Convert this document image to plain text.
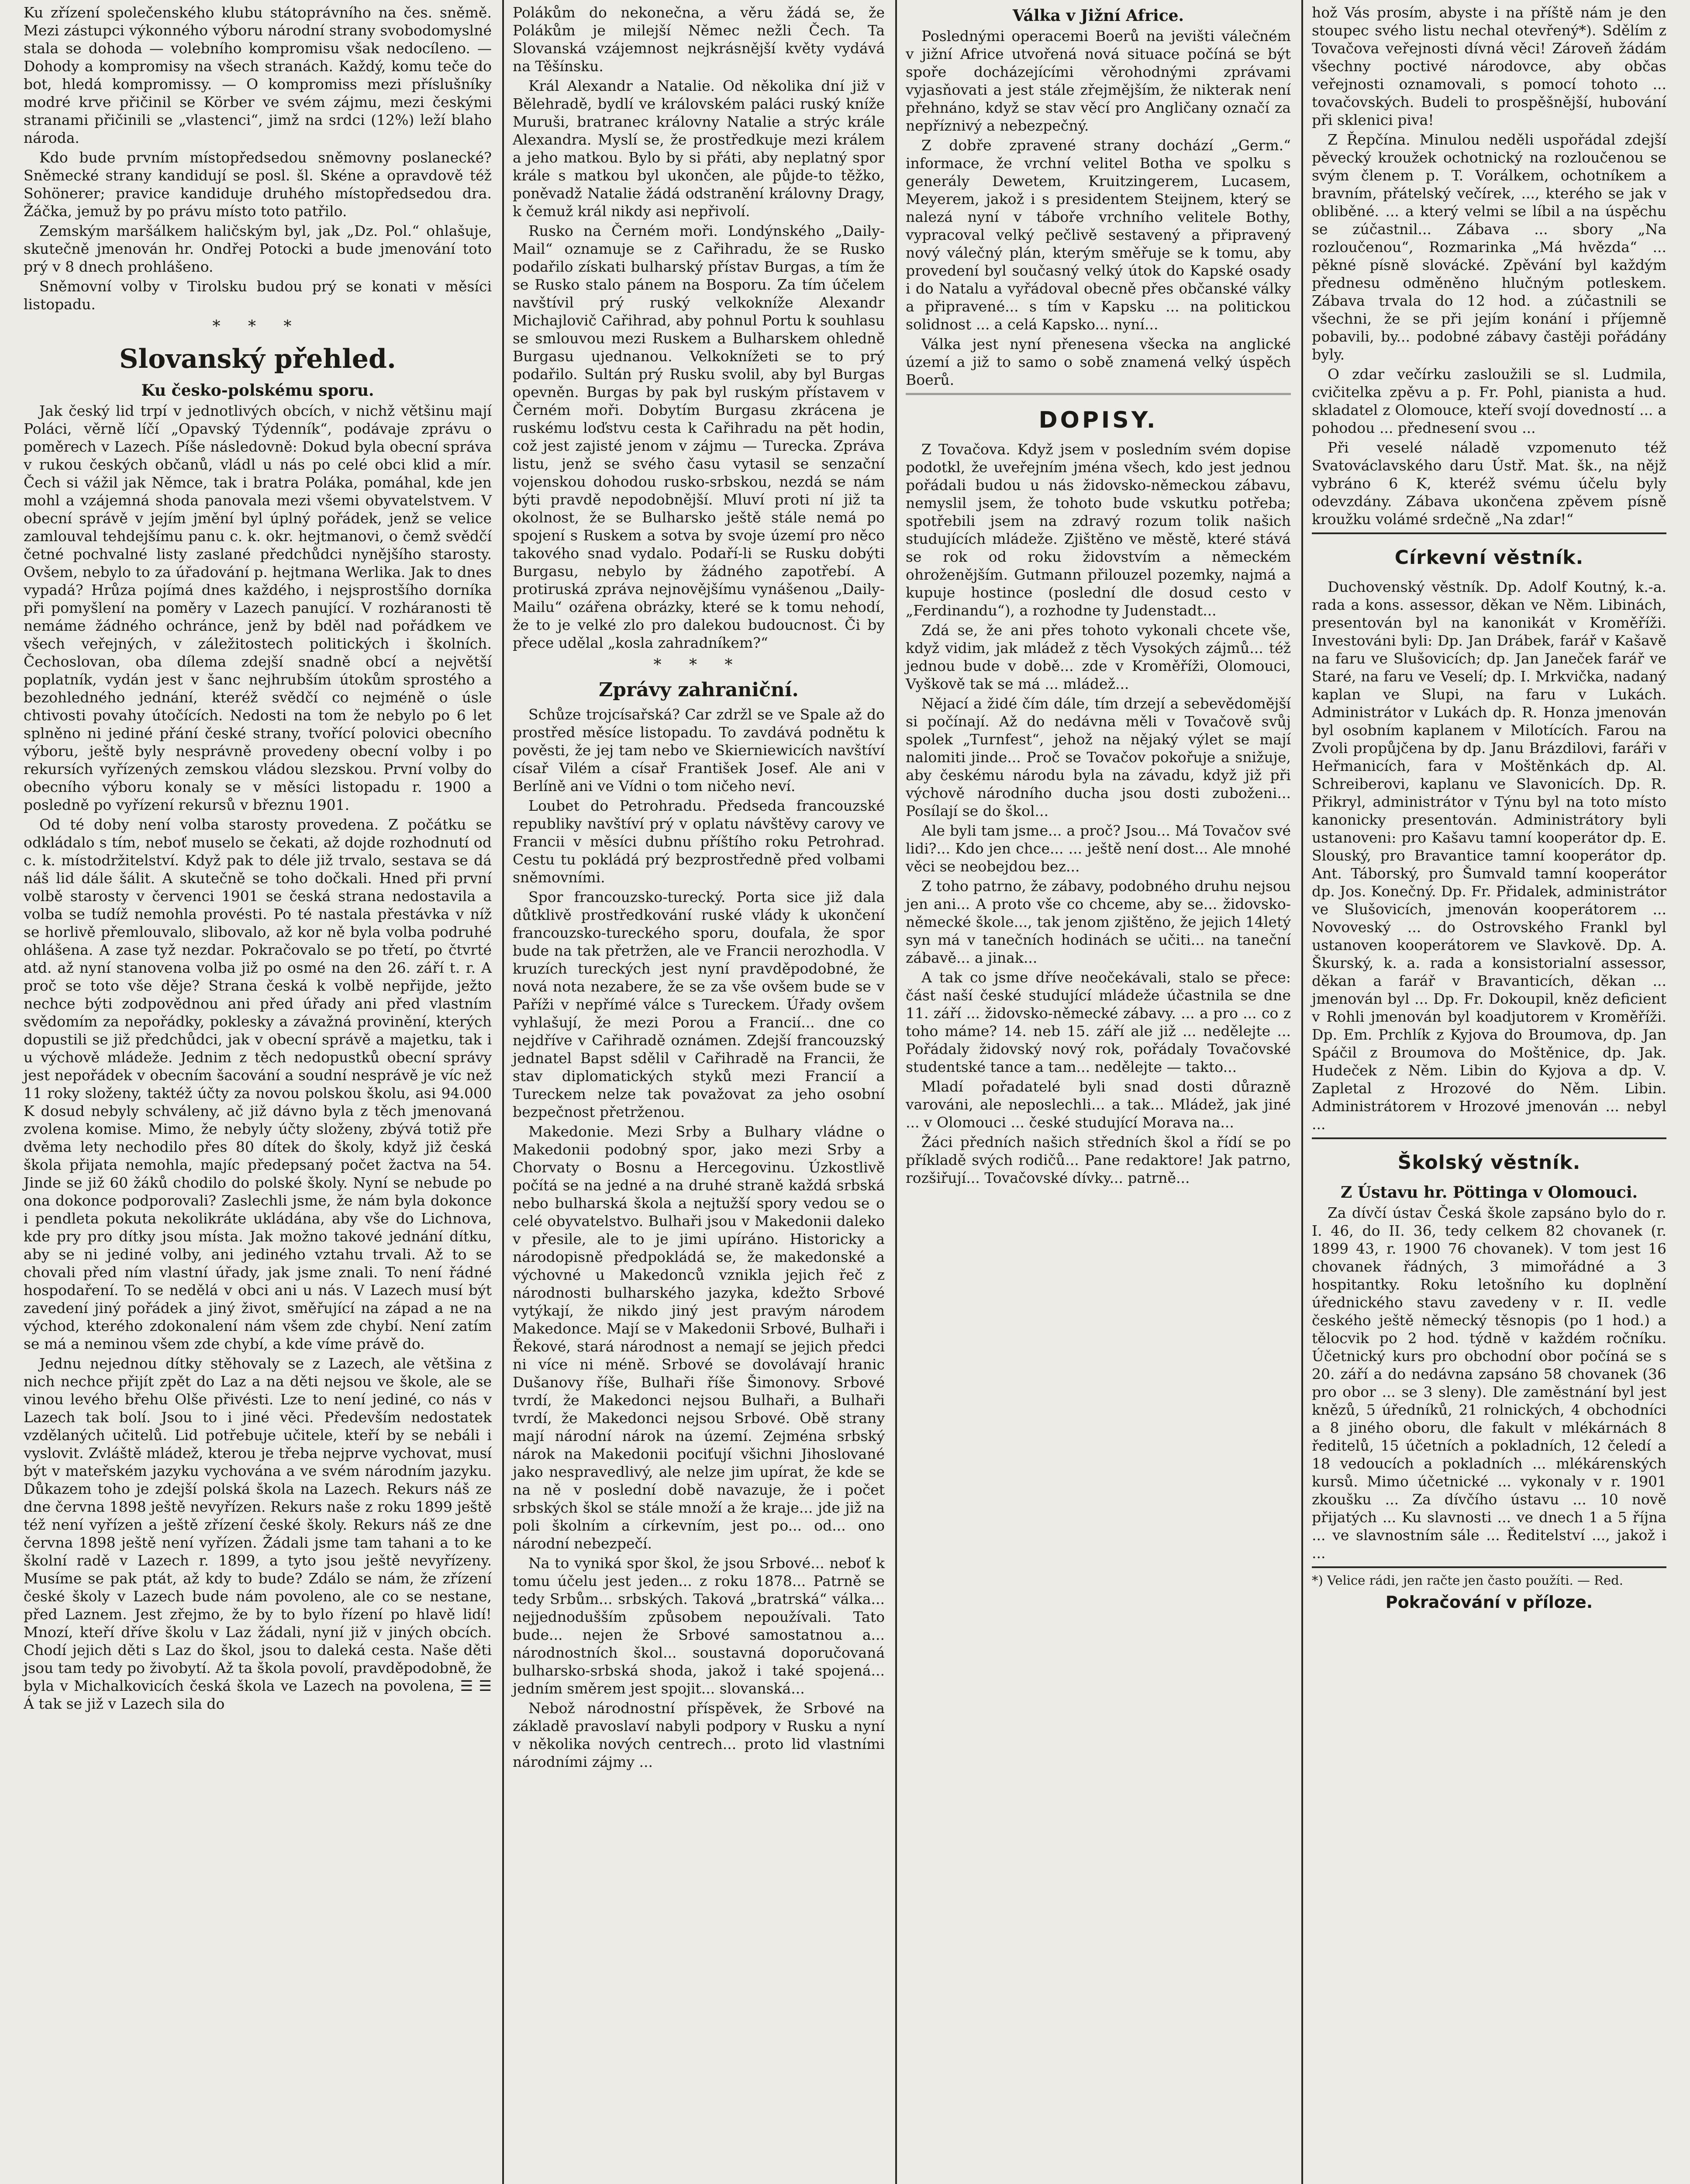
Ku zřízení společenského klubu státoprávního na čes. sněmě. Mezi zástupci výkonného výboru národní strany svobodomyslné stala se dohoda — volebního kompromisu však nedocíleno. — Dohody a kompromisy na všech stranách. Každý, komu teče do bot, hledá kompromissy. — O kompromiss mezi příslušníky modré krve přičinil se Körber ve svém zájmu, mezi českými stranami přičinili se „vlastenci“, jimž na srdci (12%) leží blaho národa.

Kdo bude prvním místopředsedou sněmovny poslanecké? Sněmecké strany kandidují se posl. šl. Skéne a opravdově též Sohönerer; pravice kandiduje druhého místopředsedou dra. Žáčka, jemuž by po právu místo toto patřilo.

Zemským maršálkem haličským byl, jak „Dz. Pol.“ ohlašuje, skutečně jmenován hr. Ondřej Potocki a bude jmenování toto prý v 8 dnech prohlášeno.

Sněmovní volby v Tirolsku budou prý se konati v měsíci listopadu.

* * *
Slovanský přehled.
Ku česko-polskému sporu.

Jak český lid trpí v jednotlivých obcích, v nichž většinu mají Poláci, věrně líčí „Opavský Týdenník“, podávaje zprávu o poměrech v Lazech. Píše následovně: Dokud byla obecní správa v rukou českých občanů, vládl u nás po celé obci klid a mír. Čech si vážil jak Němce, tak i bratra Poláka, pomáhal, kde jen mohl a vzájemná shoda panovala mezi všemi obyvatelstvem. V obecní správě v jejím jmění byl úplný pořádek, jenž se velice zamlouval tehdejšímu panu c. k. okr. hejtmanovi, o čemž svědčí četné pochvalné listy zaslané předchůdci nynějšího starosty. Ovšem, nebylo to za úřadování p. hejtmana Werlika. Jak to dnes vypadá? Hrůza pojímá dnes každého, i nejsprostšího dorníka při pomyšlení na poměry v Lazech panující. V rozháranosti tě nemáme žádného ochránce, jenž by bděl nad pořádkem ve všech veřejných, v záležitostech politických i školních. Čechoslovan, oba dílema zdejší snadně obcí a největší poplatník, vydán jest v šanc nejhrubším útokům sprostého a bezohledného jednání, kteréž svědčí co nejméně o úsle chtivosti povahy útočících. Nedosti na tom že nebylo po 6 let splněno ni jediné přání české strany, tvořící polovici obecního výboru, ještě byly nesprávně provedeny obecní volby i po rekursích vyřízených zemskou vládou slezskou. První volby do obecního výboru konaly se v měsíci listopadu r. 1900 a posledně po vyřízení rekursů v březnu 1901.

Od té doby není volba starosty provedena. Z počátku se odkládalo s tím, neboť muselo se čekati, až dojde rozhodnutí od c. k. místodržitelství. Když pak to déle již trvalo, sestava se dá náš lid dále šálit. A skutečně se toho dočkali. Hned při první volbě starosty v červenci 1901 se česká strana nedostavila a volba se tudíž nemohla provésti. Po té nastala přestávka v níž se horlivě přemlouvalo, slibovalo, až kor ně byla volba podruhé ohlášena. A zase tyž nezdar. Pokračovalo se po třetí, po čtvrté atd. až nyní stanovena volba již po osmé na den 26. září t. r. A proč se toto vše děje? Strana česká k volbě nepřijde, ježto nechce býti zodpovědnou ani před úřady ani před vlastním svědomím za nepořádky, poklesky a závažná provinění, kterých dopustili se již předchůdci, jak v obecní správě a majetku, tak i u výchově mládeže. Jednim z těch nedopustků obecní správy jest nepořádek v obecním šacování a soudní nesprávě je víc než 11 roky složeny, taktéž účty za novou polskou školu, asi 94.000 K dosud nebyly schváleny, ač již dávno byla z těch jmenovaná zvolena komise. Mimo, že nebyly účty složeny, zbývá totiž pře dvěma lety nechodilo přes 80 dítek do školy, když již česká škola přijata nemohla, majíc předepsaný počet žactva na 54. Jinde se již 60 žáků chodilo do polské školy. Nyní se nebude po ona dokonce podporovali? Zaslechli jsme, že nám byla dokonce i pendleta pokuta nekolikráte ukládána, aby vše do Lichnova, kde pry pro dítky jsou místa. Jak možno takové jednání dítku, aby se ni jediné volby, ani jediného vztahu trvali. Až to se chovali před ním vlastní úřady, jak jsme znali. To není řádné hospodaření. To se nedělá v obci ani u nás. V Lazech musí být zavedení jiný pořádek a jiný život, směřující na západ a ne na východ, kterého zdokonalení nám všem zde chybí. Není zatím se má a neminou všem zde chybí, a kde víme právě do.

Jednu nejednou dítky stěhovaly se z Lazech, ale většina z nich nechce přijít zpět do Laz a na děti nejsou ve škole, ale se vinou levého břehu Olše přivésti. Lze to není jediné, co nás v Lazech tak bolí. Jsou to i jiné věci. Především nedostatek vzdělaných učitelů. Lid potřebuje učitele, kteří by se nebáli i vyslovit. Zvláště mládež, kterou je třeba nejprve vychovat, musí být v mateřském jazyku vychována a ve svém národním jazyku. Důkazem toho je zdejší polská škola na Lazech. Rekurs náš ze dne června 1898 ještě nevyřízen. Rekurs naše z roku 1899 ještě též není vyřízen a ještě zřízení české školy. Rekurs náš ze dne června 1898 ještě není vyřízen. Žádali jsme tam tahani a to ke školní radě v Lazech r. 1899, a tyto jsou ještě nevyřízeny. Musíme se pak ptát, až kdy to bude? Zdálo se nám, že zřízení české školy v Lazech bude nám povoleno, ale co se nestane, před Laznem. Jest zřejmo, že by to bylo řízení po hlavě lidí! Mnozí, kteří dříve školu v Laz žádali, nyní již v jiných obcích. Chodí jejich děti s Laz do škol, jsou to daleká cesta. Naše děti jsou tam tedy po živobytí. Až ta škola povolí, pravděpodobně, že byla v Michalkovicích česká škola ve Lazech na povolena, ☰ ☰ Á tak se již v Lazech sila do

Polákům do nekonečna, a věru žádá se, že Polákům je milejší Němec nežli Čech. Ta Slovanská vzájemnost nejkrásnější květy vydává na Těšínsku.

Král Alexandr a Natalie. Od několika dní již v Bělehradě, bydlí ve královském paláci ruský kníže Muruši, bratranec královny Natalie a strýc krále Alexandra. Myslí se, že prostředkuje mezi králem a jeho matkou. Bylo by si přáti, aby neplatný spor krále s matkou byl ukončen, ale půjde-to těžko, poněvadž Natalie žádá odstranění královny Dragy, k čemuž král nikdy asi nepřivolí.

Rusko na Černém moři. Londýnského „Daily-Mail“ oznamuje se z Cařihradu, že se Rusko podařilo získati bulharský přístav Burgas, a tím že se Rusko stalo pánem na Bosporu. Za tím účelem navštívil prý ruský velkokníže Alexandr Michajlovič Cařihrad, aby pohnul Portu k souhlasu se smlouvou mezi Ruskem a Bulharskem ohledně Burgasu ujednanou. Velkoknížeti se to prý podařilo. Sultán prý Rusku svolil, aby byl Burgas opevněn. Burgas by pak byl ruským přístavem v Černém moři. Dobytím Burgasu zkrácena je ruskému loďstvu cesta k Cařihradu na pět hodin, což jest zajisté jenom v zájmu — Turecka. Zpráva listu, jenž se svého času vytasil se senzační vojenskou dohodou rusko-srbskou, nezdá se nám býti pravdě nepodobnější. Mluví proti ní již ta okolnost, že se Bulharsko ještě stále nemá po spojení s Ruskem a sotva by svoje území pro něco takového snad vydalo. Podaří-li se Rusku dobýti Burgasu, nebylo by žádného zapotřebí. A protiruská zpráva nejnovějšímu vynášenou „Daily-Mailu“ ozářena obrázky, které se k tomu nehodí, že to je velké zlo pro dalekou budoucnost. Či by přece udělal „kosla zahradníkem?“

* * *
Zprávy zahraniční.

Schůze trojcísařská? Car zdržl se ve Spale až do prostřed měsíce listopadu. To zavdává podnětu k pověsti, že jej tam nebo ve Skierniewicích navštíví císař Vilém a císař František Josef. Ale ani v Berlíně ani ve Vídni o tom ničeho neví.

Loubet do Petrohradu. Předseda francouzské republiky navštíví prý v oplatu návštěvy carovy ve Francii v měsíci dubnu příštího roku Petrohrad. Cestu tu pokládá prý bezprostředně před volbami sněmovními.

Spor francouzsko-turecký. Porta sice již dala důtklivě prostředkování ruské vlády k ukončení francouzsko-tureckého sporu, doufala, že spor bude na tak přetržen, ale ve Francii nerozhodla. V kruzích tureckých jest nyní pravděpodobné, že nová nota nezabere, že se za vše ovšem bude se v Paříži v nepřímé válce s Tureckem. Úřady ovšem vyhlašují, že mezi Porou a Francií... dne co nejdříve v Cařihradě oznámen. Zdejší francouzský jednatel Bapst sdělil v Cařihradě na Francii, že stav diplomatických styků mezi Francií a Tureckem nelze tak považovat za jeho osobní bezpečnost přetrženou.

Makedonie. Mezi Srby a Bulhary vládne o Makedonii podobný spor, jako mezi Srby a Chorvaty o Bosnu a Hercegovinu. Úzkostlivě počítá se na jedné a na druhé straně každá srbská nebo bulharská škola a nejtužší spory vedou se o celé obyvatelstvo. Bulhaři jsou v Makedonii daleko v přesile, ale to je jimi upíráno. Historicky a národopisně předpokládá se, že makedonské a výchovné u Makedonců vznikla jejich řeč z národnosti bulharského jazyka, kdežto Srbové vytýkají, že nikdo jiný jest pravým národem Makedonce. Mají se v Makedonii Srbové, Bulhaři i Řekové, stará národnost a nemají se jejich předci ni více ni méně. Srbové se dovolávají hranic Dušanovy říše, Bulhaři říše Šimonovy. Srbové tvrdí, že Makedonci nejsou Bulhaři, a Bulhaři tvrdí, že Makedonci nejsou Srbové. Obě strany mají národní nárok na území. Zejména srbský nárok na Makedonii pociťují všichni Jihoslované jako nespravedlivý, ale nelze jim upírat, že kde se na ně v poslední době navazuje, že i počet srbských škol se stále množí a že kraje... jde již na poli školním a církevním, jest po... od... ono národní nebezpečí.

Na to vyniká spor škol, že jsou Srbové... neboť k tomu účelu jest jeden... z roku 1878... Patrně se tedy Srbům... srbských. Taková „bratrská“ válka... nejjednodušším způsobem nepoužívali. Tato bude... nejen že Srbové samostatnou a... národnostních škol... soustavná doporučovaná bulharsko-srbská shoda, jakož i také spojená... jedním směrem jest spojit... slovanská...

Nebož národnostní příspěvek, že Srbové na základě pravoslaví nabyli podpory v Rusku a nyní v několika nových centrech... proto lid vlastními národními zájmy ...

Válka v Jižní Africe.

Poslednými operacemi Boerů na jevišti válečném v jižní Africe utvořená nová situace počíná se být spoře docházejícími věrohodnými zprávami vyjasňovati a jest stále zřejmějším, že nikterak není přehnáno, když se stav věcí pro Angličany označí za nepříznivý a nebezpečný.

Z dobře zpravené strany dochází „Germ.“ informace, že vrchní velitel Botha ve spolku s generály Dewetem, Kruitzingerem, Lucasem, Meyerem, jakož i s presidentem Steijnem, který se nalezá nyní v táboře vrchního velitele Bothy, vypracoval velký pečlivě sestavený a připravený nový válečný plán, kterým směřuje se k tomu, aby provedení byl současný velký útok do Kapské osady i do Natalu a vyřádoval obecně přes občanské války a připravené... s tím v Kapsku ... na politickou solidnost ... a celá Kapsko... nyní...

Válka jest nyní přenesena všecka na anglické území a již to samo o sobě znamená velký úspěch Boerů.

DOPISY.

Z Tovačova. Když jsem v posledním svém dopise podotkl, že uveřejním jména všech, kdo jest jednou pořádali budou u nás židovsko-německou zábavu, nemyslil jsem, že tohoto bude vskutku potřeba; spotřebili jsem na zdravý rozum tolik našich studujících mládeže. Zjištěno ve městě, které stává se rok od roku židovstvím a německém ohroženějším. Gutmann přilouzel pozemky, najmá a kupuje hostince (poslední dle dosud cesto v „Ferdinandu“), a rozhodne ty Judenstadt...

Zdá se, že ani přes tohoto vykonali chcete vše, když vidim, jak mládež z těch Vysokých zájmů... též jednou bude v době... zde v Kroměříži, Olomouci, Vyškově tak se má ... mládež...

Nějací a židé čím dále, tím drzejí a sebevědomější si počínají. Až do nedávna měli v Tovačově svůj spolek „Turnfest“, jehož na nějaký výlet se mají nalomiti jinde... Proč se Tovačov pokořuje a snižuje, aby českému národu byla na závadu, když již při výchově národního ducha jsou dosti zuboženi... Posílají se do škol...

Ale byli tam jsme... a proč? Jsou... Má Tovačov své lidi?... Kdo jen chce... ... ještě není dost... Ale mnohé věci se neobejdou bez...

Z toho patrno, že zábavy, podobného druhu nejsou jen ani... A proto vše co chceme, aby se... židovsko-německé škole..., tak jenom zjištěno, že jejich 14letý syn má v tanečních hodinách se učiti... na taneční zábavě... a jinak...

A tak co jsme dříve neočekávali, stalo se přece: část naší české studující mládeže účastnila se dne 11. září ... židovsko-německé zábavy. ... a pro ... co z toho máme? 14. neb 15. září ale již ... nedělejte ... Pořádaly židovský nový rok, pořádaly Tovačovské studentské tance a tam... nedělejte — takto...

Mladí pořadatelé byli snad dosti důrazně varováni, ale neposlechli... a tak... Mládež, jak jiné ... v Olomouci ... české studující Morava na...

Žáci předních našich středních škol a řídí se po příkladě svých rodičů... Pane redaktore! Jak patrno, rozšiřují... Tovačovské dívky... patrně...

hož Vás prosím, abyste i na příště nám je den stoupec svého listu nechal otevřený*). Sdělím z Tovačova veřejnosti dívná věci! Zároveň žádám všechny poctivé národovce, aby občas veřejnosti oznamovali, s pomocí tohoto ... tovačovských. Budeli to prospěšnější, hubování při sklenici piva!

Z Řepčína. Minulou neděli uspořádal zdejší pěvecký kroužek ochotnický na rozloučenou se svým členem p. T. Vorálkem, ochotníkem a bravním, přátelský večírek, ..., kterého se jak v obliběné. ... a který velmi se líbil a na úspěchu se zúčastnil... Zábava ... sbory „Na rozloučenou“, Rozmarinka „Má hvězda“ ... pěkné písně slovácké. Zpěvání byl každým přednesu odměněno hlučným potleskem. Zábava trvala do 12 hod. a zúčastnili se všechni, že se při jejím konání i příjemně pobavili, by... podobné zábavy častěji pořádány byly.

O zdar večírku zasloužili se sl. Ludmila, cvičitelka zpěvu a p. Fr. Pohl, pianista a hud. skladatel z Olomouce, kteří svojí dovedností ... a pohodou ... přednesení svou ...

Při veselé náladě vzpomenuto též Svatováclavského daru Ústř. Mat. šk., na nějž vybráno 6 K, kteréž svému účelu byly odevzdány. Zábava ukončena zpěvem písně kroužku volámé srdečně „Na zdar!“

Církevní věstník.

Duchovenský věstník. Dp. Adolf Koutný, k.-a. rada a kons. assessor, děkan ve Něm. Libinách, presentován byl na kanonikát v Kroměříži. Investováni byli: Dp. Jan Drábek, farář v Kašavě na faru ve Slušovicích; dp. Jan Janeček farář ve Staré, na faru ve Veselí; dp. I. Mrkvička, nadaný kaplan ve Slupi, na faru v Lukách. Administrátor v Lukách dp. R. Honza jmenován byl osobním kaplanem v Milotících. Farou na Zvoli propůjčena by dp. Janu Brázdilovi, faráři v Heřmanicích, fara v Moštěnkách dp. Al. Schreiberovi, kaplanu ve Slavonicích. Dp. R. Přikryl, administrátor v Týnu byl na toto místo kanonicky presentován. Administrátory byli ustanoveni: pro Kašavu tamní kooperátor dp. E. Slouský, pro Bravantice tamní kooperátor dp. Ant. Táborský, pro Šumvald tamní kooperátor dp. Jos. Konečný. Dp. Fr. Přidalek, administrátor ve Slušovicích, jmenován kooperátorem ... Novoveský ... do Ostrovského Frankl byl ustanoven kooperátorem ve Slavkově. Dp. A. Škurský, k. a. rada a konsistorialní assessor, děkan a farář v Bravanticích, děkan ... jmenován byl ... Dp. Fr. Dokoupil, kněz deficient v Rohli jmenován byl koadjutorem v Kroměříži. Dp. Em. Prchlík z Kyjova do Broumova, dp. Jan Spáčil z Broumova do Moštěnice, dp. Jak. Hudeček z Něm. Libin do Kyjova a dp. V. Zapletal z Hrozové do Něm. Libin. Administrátorem v Hrozové jmenován ... nebyl ...

Školský věstník.
Z Ústavu hr. Pöttinga v Olomouci.

Za dívčí ústav Česká škole zapsáno bylo do r. I. 46, do II. 36, tedy celkem 82 chovanek (r. 1899 43, r. 1900 76 chovanek). V tom jest 16 chovanek řádných, 3 mimořádné a 3 hospitantky. Roku letošního ku doplnění úřednického stavu zavedeny v r. II. vedle českého ještě německý těsnopis (po 1 hod.) a tělocvik po 2 hod. týdně v každém ročníku. Účetnický kurs pro obchodní obor počíná se s 20. září a do nedávna zapsáno 58 chovanek (36 pro obor ... se 3 sleny). Dle zaměstnání byl jest knězů, 5 úředníků, 21 rolnických, 4 obchodníci a 8 jiného oboru, dle fakult v mlékárnách 8 ředitelů, 15 účetních a pokladních, 12 čeledí a 18 vedoucích a pokladních ... mlékárenských kursů. Mimo účetnické ... vykonaly v r. 1901 zkoušku ... Za dívčího ústavu ... 10 nově přijatých ... Ku slavnosti ... ve dnech 1 a 5 října ... ve slavnostním sále ... Ředitelství ..., jakož i ...

*) Velice rádi, jen račte jen často použíti. — Red.

Pokračování v příloze.
